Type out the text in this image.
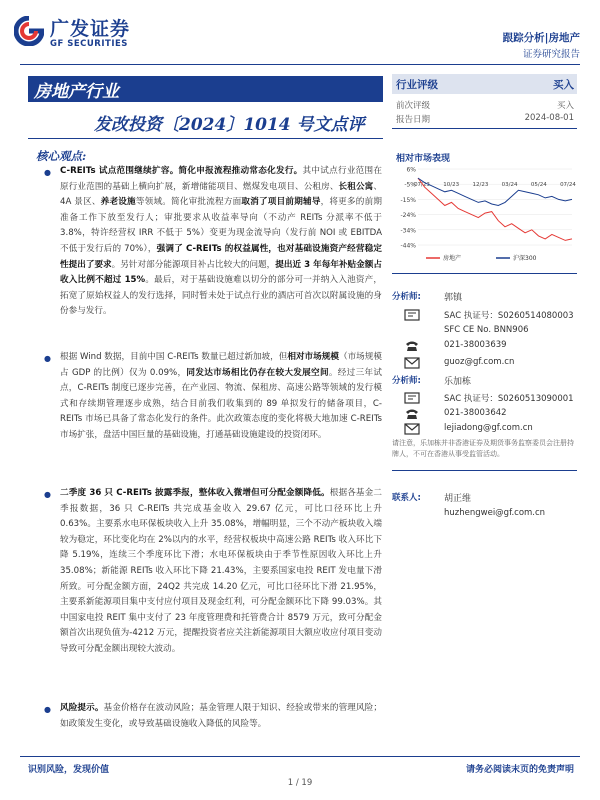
广发证券
GF SECURITIES	跟踪分析|房地产
证券研究报告
房地产行业
发改投资〔2024〕1014 号文点评
行业评级	买入
前次评级	买入
报告日期	2024-08-01
核心观点:
● C-REITs 试点范围继续扩容。简化申报流程推动常态化发行。其中试点行业范围在原行业范围的基础上横向扩展，新增储能项目、燃煤发电项目、公租房、长租公寓、4A 景区、养老设施等领域。简化审批流程方面取消了项目前期辅导，将更多的前期准备工作下放至发行人；审批要求从收益率导向（不动产 REITs 分派率不低于 3.8%，特许经营权 IRR 不低于 5%）变更为现金流导向（发行前 NOI 或 EBITDA 不低于发行后的 70%），强调了 C-REITs 的权益属性，也对基础设施资产经营稳定性提出了要求。另针对部分能源项目补占比较大的问题，提出近 3 年每年补贴金额占收入比例不超过 15%。最后，对于基础设施难以切分的部分可一并纳入入池资产，拓宽了原始权益人的发行选择，同时暂未处于试点行业的酒店可首次以附属设施的身份参与发行。
● 根据 Wind 数据，目前中国 C-REITs 数量已超过新加坡，但相对市场规模（市场规模占 GDP 的比例）仅为 0.09%，同发达市场相比仍存在较大发展空间。经过三年试点，C-REITs 制度已逐步完善，在产业园、物流、保租房、高速公路等领域的发行模式和存续期管理逐步成熟，结合目前我们收集到的 89 单拟发行的储备项目，C-REITs 市场已具备了常态化发行的条件。此次政策态度的变化将极大地加速 C-REITs 市场扩张，盘活中国巨量的基础设施，打通基础设施建设的投资闭环。
● 二季度 36 只 C-REITs 披露季报，整体收入微增但可分配金额降低。根据各基金二季报数据，36 只 C-REITs 共完成基金收入 29.67 亿元，可比口径环比上升 0.63%。主要系水电环保板块收入上升 35.08%，增幅明显，三个不动产板块收入端较为稳定，环比变化均在 2%以内的水平，经营权板块中高速公路 REITs 收入环比下降 5.19%，连续三个季度环比下滑；水电环保板块由于季节性原因收入环比上升 35.08%；新能源 REITs 收入环比下降 21.43%，主要系国家电投 REIT 发电量下滑所致。可分配金额方面，24Q2 共完成 14.20 亿元，可比口径环比下滑 21.95%，主要系新能源项目集中支付应付项目及现金红利，可分配金额环比下降 99.03%。其中国家电投 REIT 集中支付了 23 年度管理费和托管费合计 8579 万元，致可分配金额首次出现负值为-4212 万元，提醒投资者应关注新能源项目大额应收应付项目变动导致可分配金额出现较大波动。
● 风险提示。基金价格存在波动风险；基金管理人限于知识、经验或带来的管理风险；如政策发生变化，或导致基础设施收入降低的风险等。
相对市场表现
6%
-5%
-15%
-24%
-34%
-44%
07/23 10/23 12/23 03/24 05/24 07/24
房地产	沪深300
分析师:	郭镇
SAC 执证号：S0260514080003
SFC CE No. BNN906
021-38003639
guoz@gf.com.cn
分析师:	乐加栋
SAC 执证号：S0260513090001
021-38003642
lejiadong@gf.com.cn
请注意，乐加栋并非香港证券及期货事务监察委员会注册持牌人，不可在香港从事受监管活动。
联系人:	胡正维
huzhengwei@gf.com.cn
识别风险，发现价值	请务必阅读末页的免责声明
1 / 19
